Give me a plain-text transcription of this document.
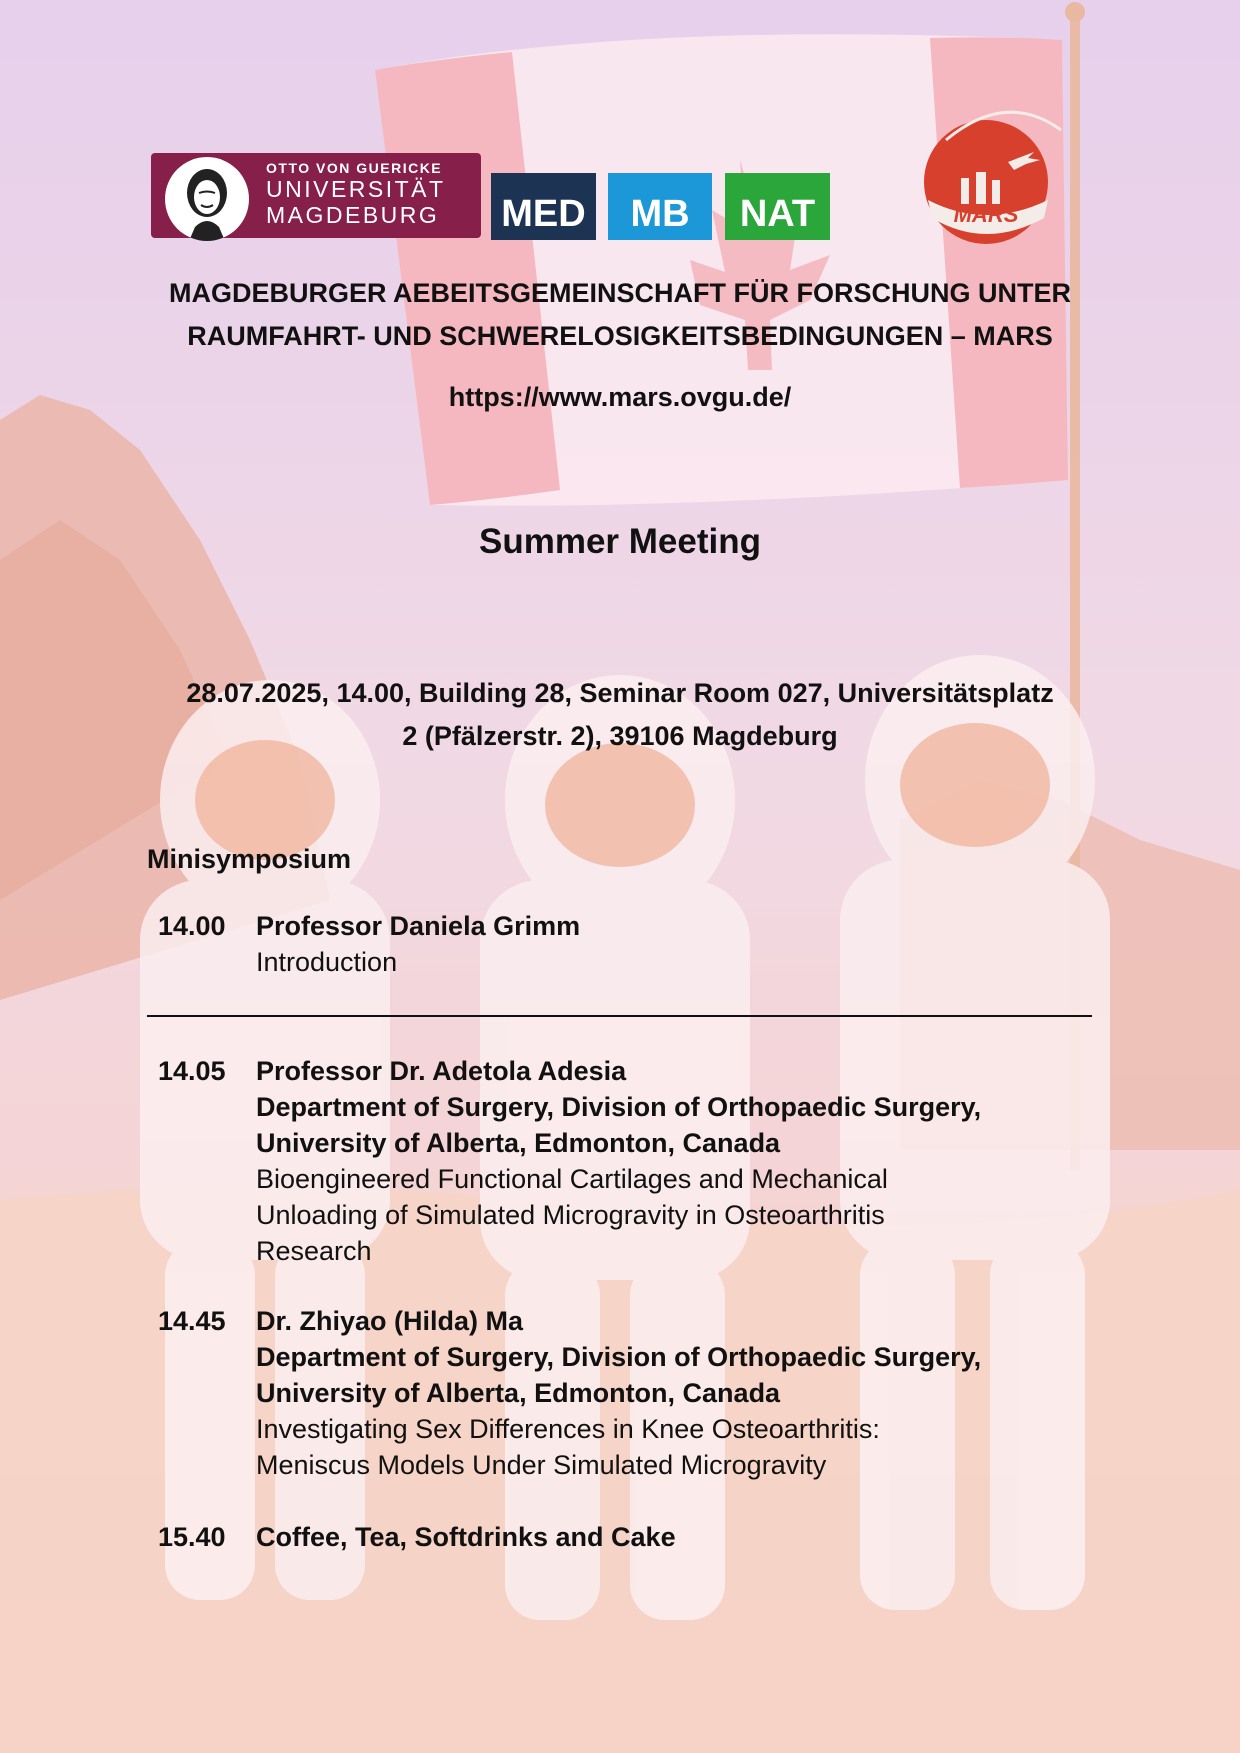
OTTO VON GUERICKE
UNIVERSITÄT
MAGDEBURG MED	MB	NAT	MARS
MAGDEBURGER AEBEITSGEMEINSCHAFT FÜR FORSCHUNG UNTER
RAUMFAHRT- UND SCHWERELOSIGKEITSBEDINGUNGEN – MARS
https://www.mars.ovgu.de/
Summer Meeting
28.07.2025, 14.00, Building 28, Seminar Room 027, Universitätsplatz
2 (Pfälzerstr. 2), 39106 Magdeburg
Minisymposium
14.00	Professor Daniela Grimm
Introduction
14.05	Professor Dr. Adetola Adesia
Department of Surgery, Division of Orthopaedic Surgery,
University of Alberta, Edmonton, Canada
Bioengineered Functional Cartilages and Mechanical
Unloading of Simulated Microgravity in Osteoarthritis
Research
14.45	Dr. Zhiyao (Hilda) Ma
Department of Surgery, Division of Orthopaedic Surgery,
University of Alberta, Edmonton, Canada
Investigating Sex Differences in Knee Osteoarthritis:
Meniscus Models Under Simulated Microgravity
15.40	Coffee, Tea, Softdrinks and Cake
